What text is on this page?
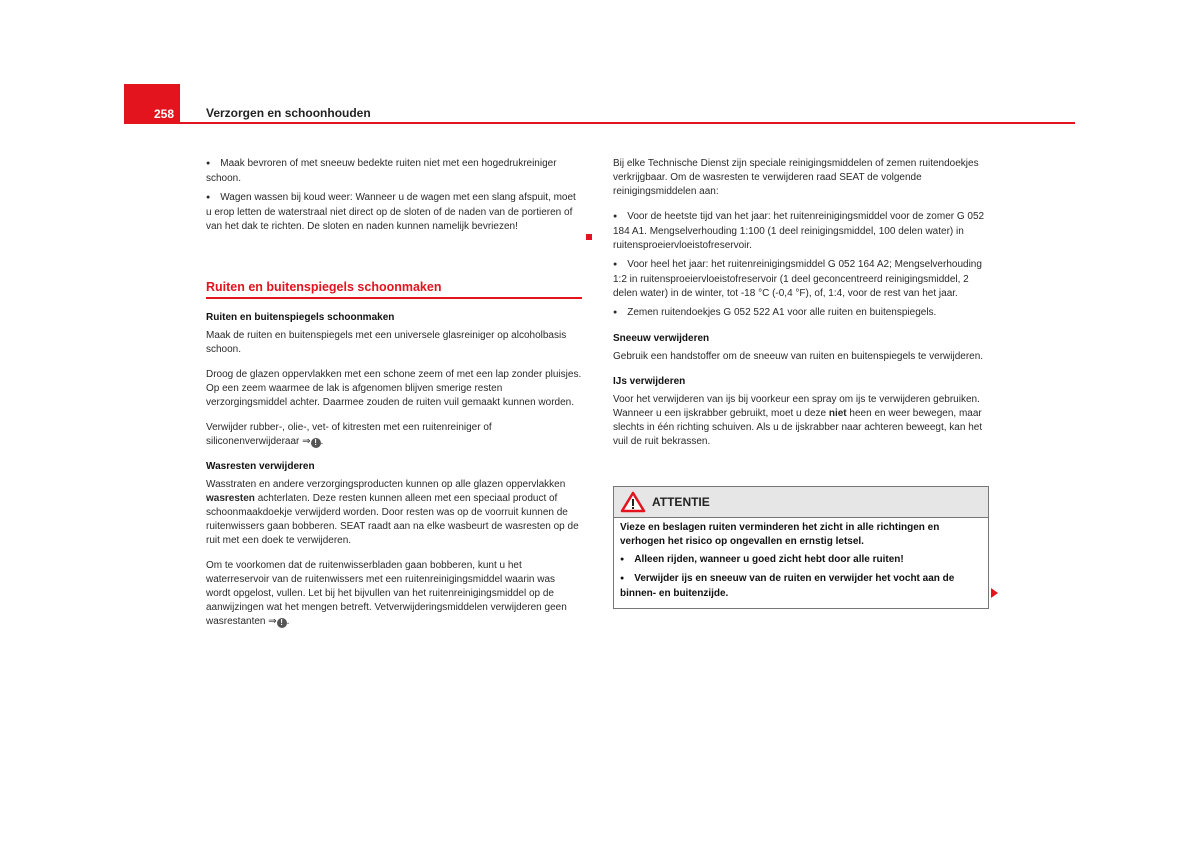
258	Verzorgen en schoonhouden

● Maak bevroren of met sneeuw bedekte ruiten niet met een hogedrukreiniger schoon.

● Wagen wassen bij koud weer: Wanneer u de wagen met een slang afspuit, moet u erop letten de waterstraal niet direct op de sloten of de naden van de portieren of van het dak te richten. De sloten en naden kunnen namelijk bevriezen!

Ruiten en buitenspiegels schoonmaken

Ruiten en buitenspiegels schoonmaken

Maak de ruiten en buitenspiegels met een universele glasreiniger op alcoholbasis schoon.

Droog de glazen oppervlakken met een schone zeem of met een lap zonder pluisjes. Op een zeem waarmee de lak is afgenomen blijven smerige resten verzorgingsmiddel achter. Daarmee zouden de ruiten vuil gemaakt kunnen worden.

Verwijder rubber-, olie-, vet- of kitresten met een ruitenreiniger of siliconenverwijderaar ⇒ ! .

Wasresten verwijderen

Wasstraten en andere verzorgingsproducten kunnen op alle glazen oppervlakken wasresten achterlaten. Deze resten kunnen alleen met een speciaal product of schoonmaakdoekje verwijderd worden. Door resten was op de voorruit kunnen de ruitenwissers gaan bobberen. SEAT raadt aan na elke wasbeurt de wasresten op de ruit met een doek te verwijderen.

Om te voorkomen dat de ruitenwisserbladen gaan bobberen, kunt u het waterreservoir van de ruitenwissers met een ruitenreinigingsmiddel waarin was wordt opgelost, vullen. Let bij het bijvullen van het ruitenreinigingsmiddel op de aanwijzingen wat het mengen betreft. Vetverwijderingsmiddelen verwijderen geen wasrestanten ⇒ ! .

Bij elke Technische Dienst zijn speciale reinigingsmiddelen of zemen ruitendoekjes verkrijgbaar. Om de wasresten te verwijderen raad SEAT de volgende reinigingsmiddelen aan:

● Voor de heetste tijd van het jaar: het ruitenreinigingsmiddel voor de zomer G 052 184 A1. Mengselverhouding 1:100 (1 deel reinigingsmiddel, 100 delen water) in ruitensproeiervloeistofreservoir.

● Voor heel het jaar: het ruitenreinigingsmiddel G 052 164 A2; Mengselverhouding 1:2 in ruitensproeiervloeistofreservoir (1 deel geconcentreerd reinigingsmiddel, 2 delen water) in de winter, tot -18 °C (-0,4 °F), of, 1:4, voor de rest van het jaar.

● Zemen ruitendoekjes G 052 522 A1 voor alle ruiten en buitenspiegels.

Sneeuw verwijderen

Gebruik een handstoffer om de sneeuw van ruiten en buitenspiegels te verwijderen.

IJs verwijderen

Voor het verwijderen van ijs bij voorkeur een spray om ijs te verwijderen gebruiken. Wanneer u een ijskrabber gebruikt, moet u deze niet heen en weer bewegen, maar slechts in één richting schuiven. Als u de ijskrabber naar achteren beweegt, kan het vuil de ruit bekrassen.

ATTENTIE

Vieze en beslagen ruiten verminderen het zicht in alle richtingen en verhogen het risico op ongevallen en ernstig letsel.

● Alleen rijden, wanneer u goed zicht hebt door alle ruiten!

● Verwijder ijs en sneeuw van de ruiten en verwijder het vocht aan de binnen- en buitenzijde.
